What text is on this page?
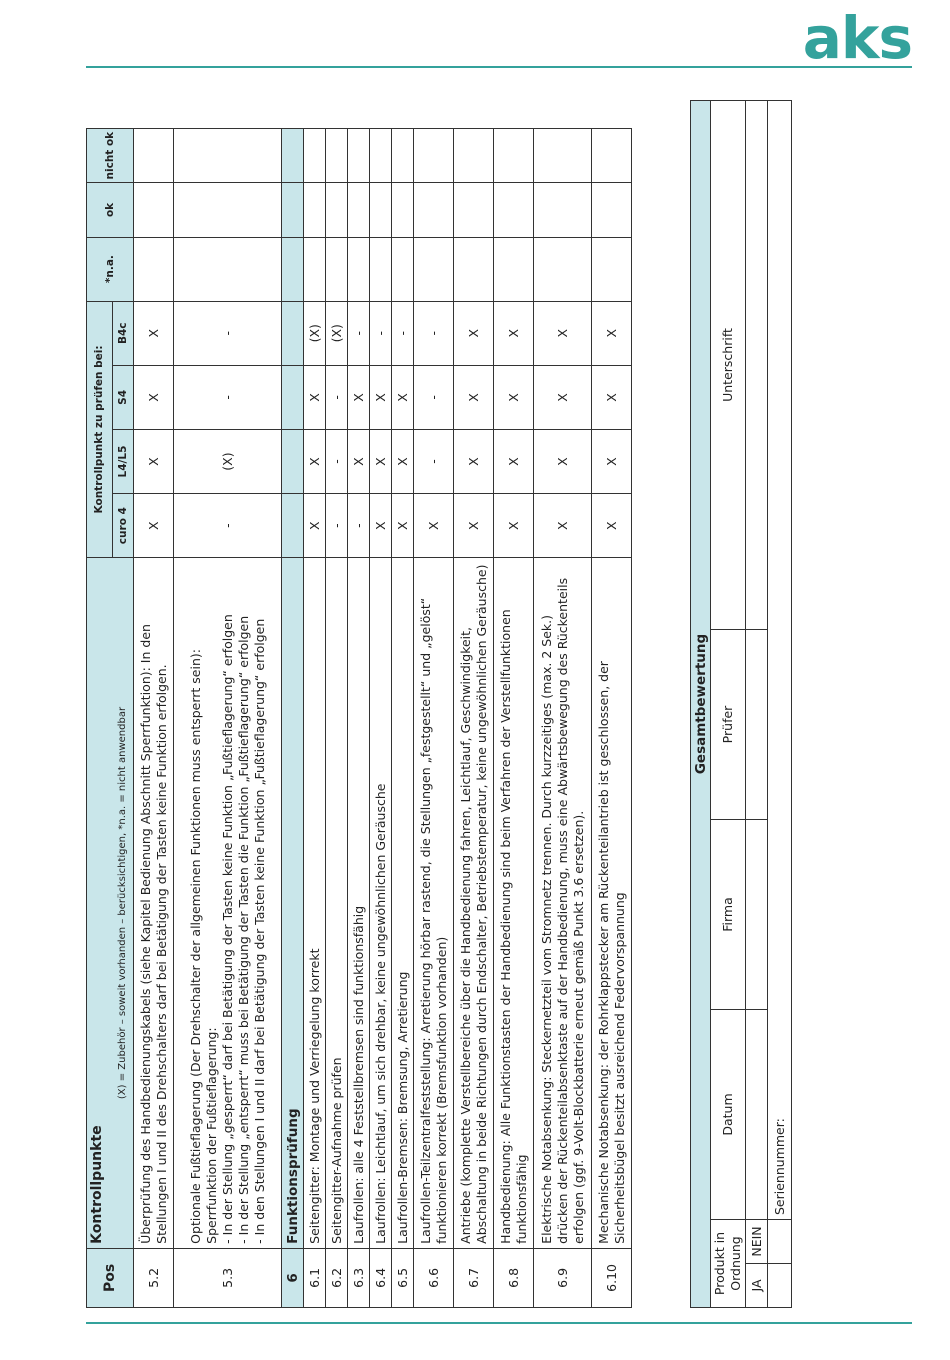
aks
Pos	Kontrollpunkte
(X) = Zubehör – soweit vorhanden – berücksichtigen, *n.a. = nicht anwendbar	Kontrollpunkt zu prüfen bei:				*n.a.	ok	nicht ok
		curo 4	L4/L5	S4	B4c			
5.2	Überprüfung des Handbedienungskabels (siehe Kapitel Bedienung Abschnitt Sperrfunktion): In den Stellungen I und II des Drehschalters darf bei Betätigung der Tasten keine Funktion erfolgen.	X	X	X	X			
5.3	Optionale Fußtieflagerung (Der Drehschalter der allgemeinen Funktionen muss entsperrt sein): Sperrfunktion der Fußtieflagerung:
- In der Stellung „gesperrt“ darf bei Betätigung der Tasten keine Funktion „Fußtieflagerung“ erfolgen
- In der Stellung „entsperrt“ muss bei Betätigung der Tasten die Funktion „Fußtieflagerung“ erfolgen
- In den Stellungen I und II darf bei Betätigung der Tasten keine Funktion „Fußtieflagerung“ erfolgen	-	(X)	-	-			
6	Funktionsprüfung							
6.1	Seitengitter: Montage und Verriegelung korrekt	X	X	X	(X)			
6.2	Seitengitter-Aufnahme prüfen	-	-	-	(X)			
6.3	Laufrollen: alle 4 Feststellbremsen sind funktionsfähig	-	X	X	-			
6.4	Laufrollen: Leichtlauf, um sich drehbar, keine ungewöhnlichen Geräusche	X	X	X	-			
6.5	Laufrollen-Bremsen: Bremsung, Arretierung	X	X	X	-			
6.6	Laufrollen-Teilzentralfeststellung: Arretierung hörbar rastend, die Stellungen „festgestellt“ und „gelöst“ funktionieren korrekt (Bremsfunktion vorhanden)	X	-	-	-			
6.7	Antriebe (komplette Verstellbereiche über die Handbedienung fahren, Leichtlauf, Geschwindigkeit, Abschaltung in beide Richtungen durch Endschalter, Betriebstemperatur, keine ungewöhnlichen Geräusche)	X	X	X	X			
6.8	Handbedienung: Alle Funktionstasten der Handbedienung sind beim Verfahren der Verstellfunktionen funktionsfähig	X	X	X	X			
6.9	Elektrische Notabsenkung: Steckernetzteil vom Stromnetz trennen. Durch kurzzeitiges (max. 2 Sek.) drücken der Rückenteilabsenktaste auf der Handbedienung, muss eine Abwärtsbewegung des Rückenteils erfolgen (ggf. 9-Volt-Blockbatterie erneut gemäß Punkt 3.6 ersetzen).	X	X	X	X			
6.10	Mechanische Notabsenkung: der Rohrklappstecker am Rückenteilantrieb ist geschlossen, der Sicherheitsbügel besitzt ausreichend Federvorspannung	X	X	X	X			
Gesamtbewertung					
Produkt in Ordnung		Datum	Firma	Prüfer	Unterschrift
JA	NEIN				
		Seriennummer:			
